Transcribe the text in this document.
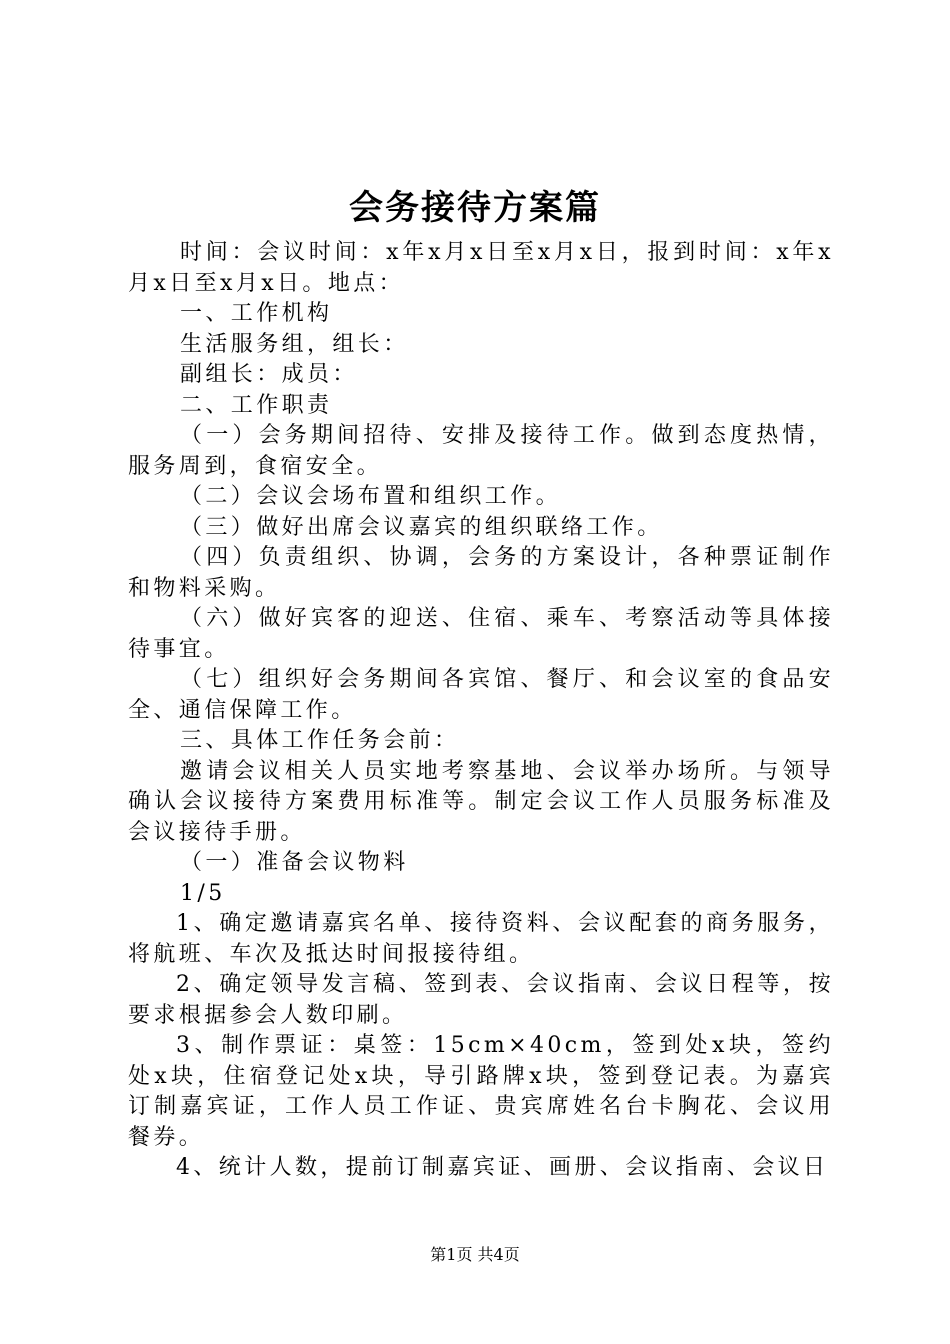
会务接待方案篇

时间：会议时间：x年x月x日至x月x日，报到时间：x年x月x日至x月x日。地点：

一、工作机构

生活服务组，组长：

副组长：成员：

二、工作职责

（一）会务期间招待、安排及接待工作。做到态度热情，服务周到，食宿安全。

（二）会议会场布置和组织工作。

（三）做好出席会议嘉宾的组织联络工作。

（四）负责组织、协调，会务的方案设计，各种票证制作和物料采购。

（六）做好宾客的迎送、住宿、乘车、考察活动等具体接待事宜。

（七）组织好会务期间各宾馆、餐厅、和会议室的食品安全、通信保障工作。

三、具体工作任务会前：

邀请会议相关人员实地考察基地、会议举办场所。与领导确认会议接待方案费用标准等。制定会议工作人员服务标准及会议接待手册。

（一）准备会议物料

1/5

1、确定邀请嘉宾名单、接待资料、会议配套的商务服务，将航班、车次及抵达时间报接待组。

2、确定领导发言稿、签到表、会议指南、会议日程等，按要求根据参会人数印刷。

3、制作票证：桌签：15cm×40cm，签到处x块，签约处x块，住宿登记处x块，导引路牌x块，签到登记表。为嘉宾订制嘉宾证，工作人员工作证、贵宾席姓名台卡胸花、会议用餐券。

4、统计人数，提前订制嘉宾证、画册、会议指南、会议日

第1页 共4页
